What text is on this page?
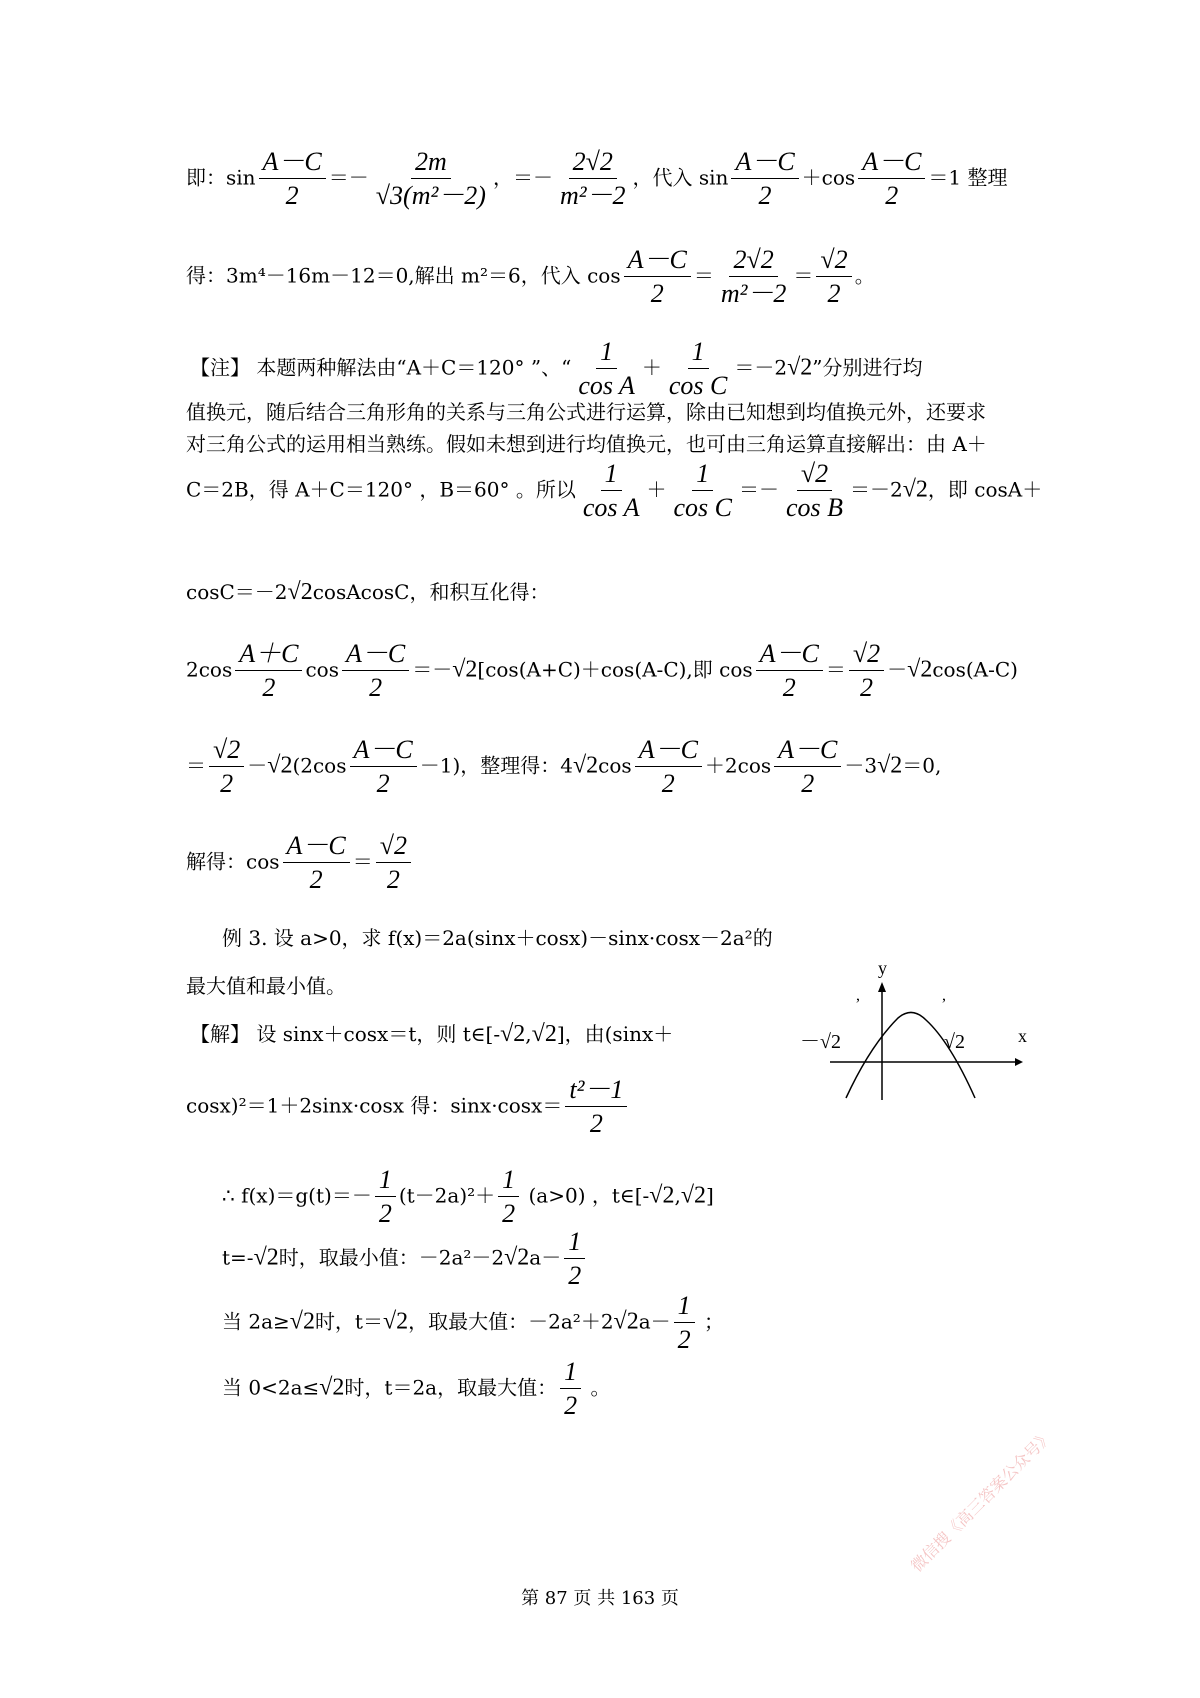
即：$\sin \frac{A-C}{2} =- \frac{2m}{\text{√3(m²－2)}}$ ，＝－ $\frac{2√2}{\text{m²－2}}$ ，代入 $\sin \frac{A-C}{2} +\cos \frac{A-C}{2} =1$ 整理
得：3m⁴－16m－12＝0,解出 m²＝6，代入 $\cos \frac{A-C}{2} = \frac{2√2}{\text{m²－2}} = \frac{√2}{2}$ 。
【注】 本题两种解法由“A＋C＝120° ”、“ $\frac{1}{\text{cos A}} + \frac{1}{\text{cos C}} =-2√2$”分别进行均
值换元，随后结合三角形角的关系与三角公式进行运算，除由已知想到均值换元外，还要求
对三角公式的运用相当熟练。假如未想到进行均值换元，也可由三角运算直接解出：由 A＋
C＝2B，得 A＋C＝120° ，B＝60° 。所以 $\frac{1}{\text{cos A}} + \frac{1}{\text{cos C}} =- \frac{√2}{\text{cos B}} =-2√2$，即 cosA＋
cosC＝－2√2cosAcosC，和积互化得：
$2\cos \frac{A+C}{2}$ $\cos \frac{A-C}{2} =-√2[\cos(A+C)+\cos(A-C)$,即 $\cos \frac{A-C}{2} = \frac{√2}{2} -√2\cos(A-C)$
＝ $\frac{√2}{2} -√2(2\cos \frac{A-C}{2} -1)$，整理得：$4√2\cos \frac{A-C}{2} +2\cos \frac{A-C}{2} -3√2=0$,
解得：$\cos \frac{A-C}{2} = \frac{√2}{2}$
例 3. 设 a>0，求 f(x)＝2a(sinx＋cosx)－sinx·cosx－2a²的
最大值和最小值。
【解】 设 sinx＋cosx＝t，则 t∈[-√2,√2]，由(sinx＋
cosx)²＝1＋2sinx·cosx 得：$\sin x\cdot\cos x= \frac{\text{t²－1}}{2}$
∴ $f(x)=g(t)=- \frac{1}{2} (t-2a)^2+ \frac{1}{2} (a>0)$ ，t∈[-√2,√2]
t=-√2时，取最小值：$-2a^2-2√2a- \frac{1}{2}$
当 2a≥√2时，t＝√2，取最大值：$-2a^2+2√2a- \frac{1}{2}$ ；
当 0<2a≤√2时，t＝2a，取最大值： $\frac{1}{2}$ 。
y
x
－√2	√2
,	,
第 87 页 共 163 页
微信搜《高三答案公众号》
